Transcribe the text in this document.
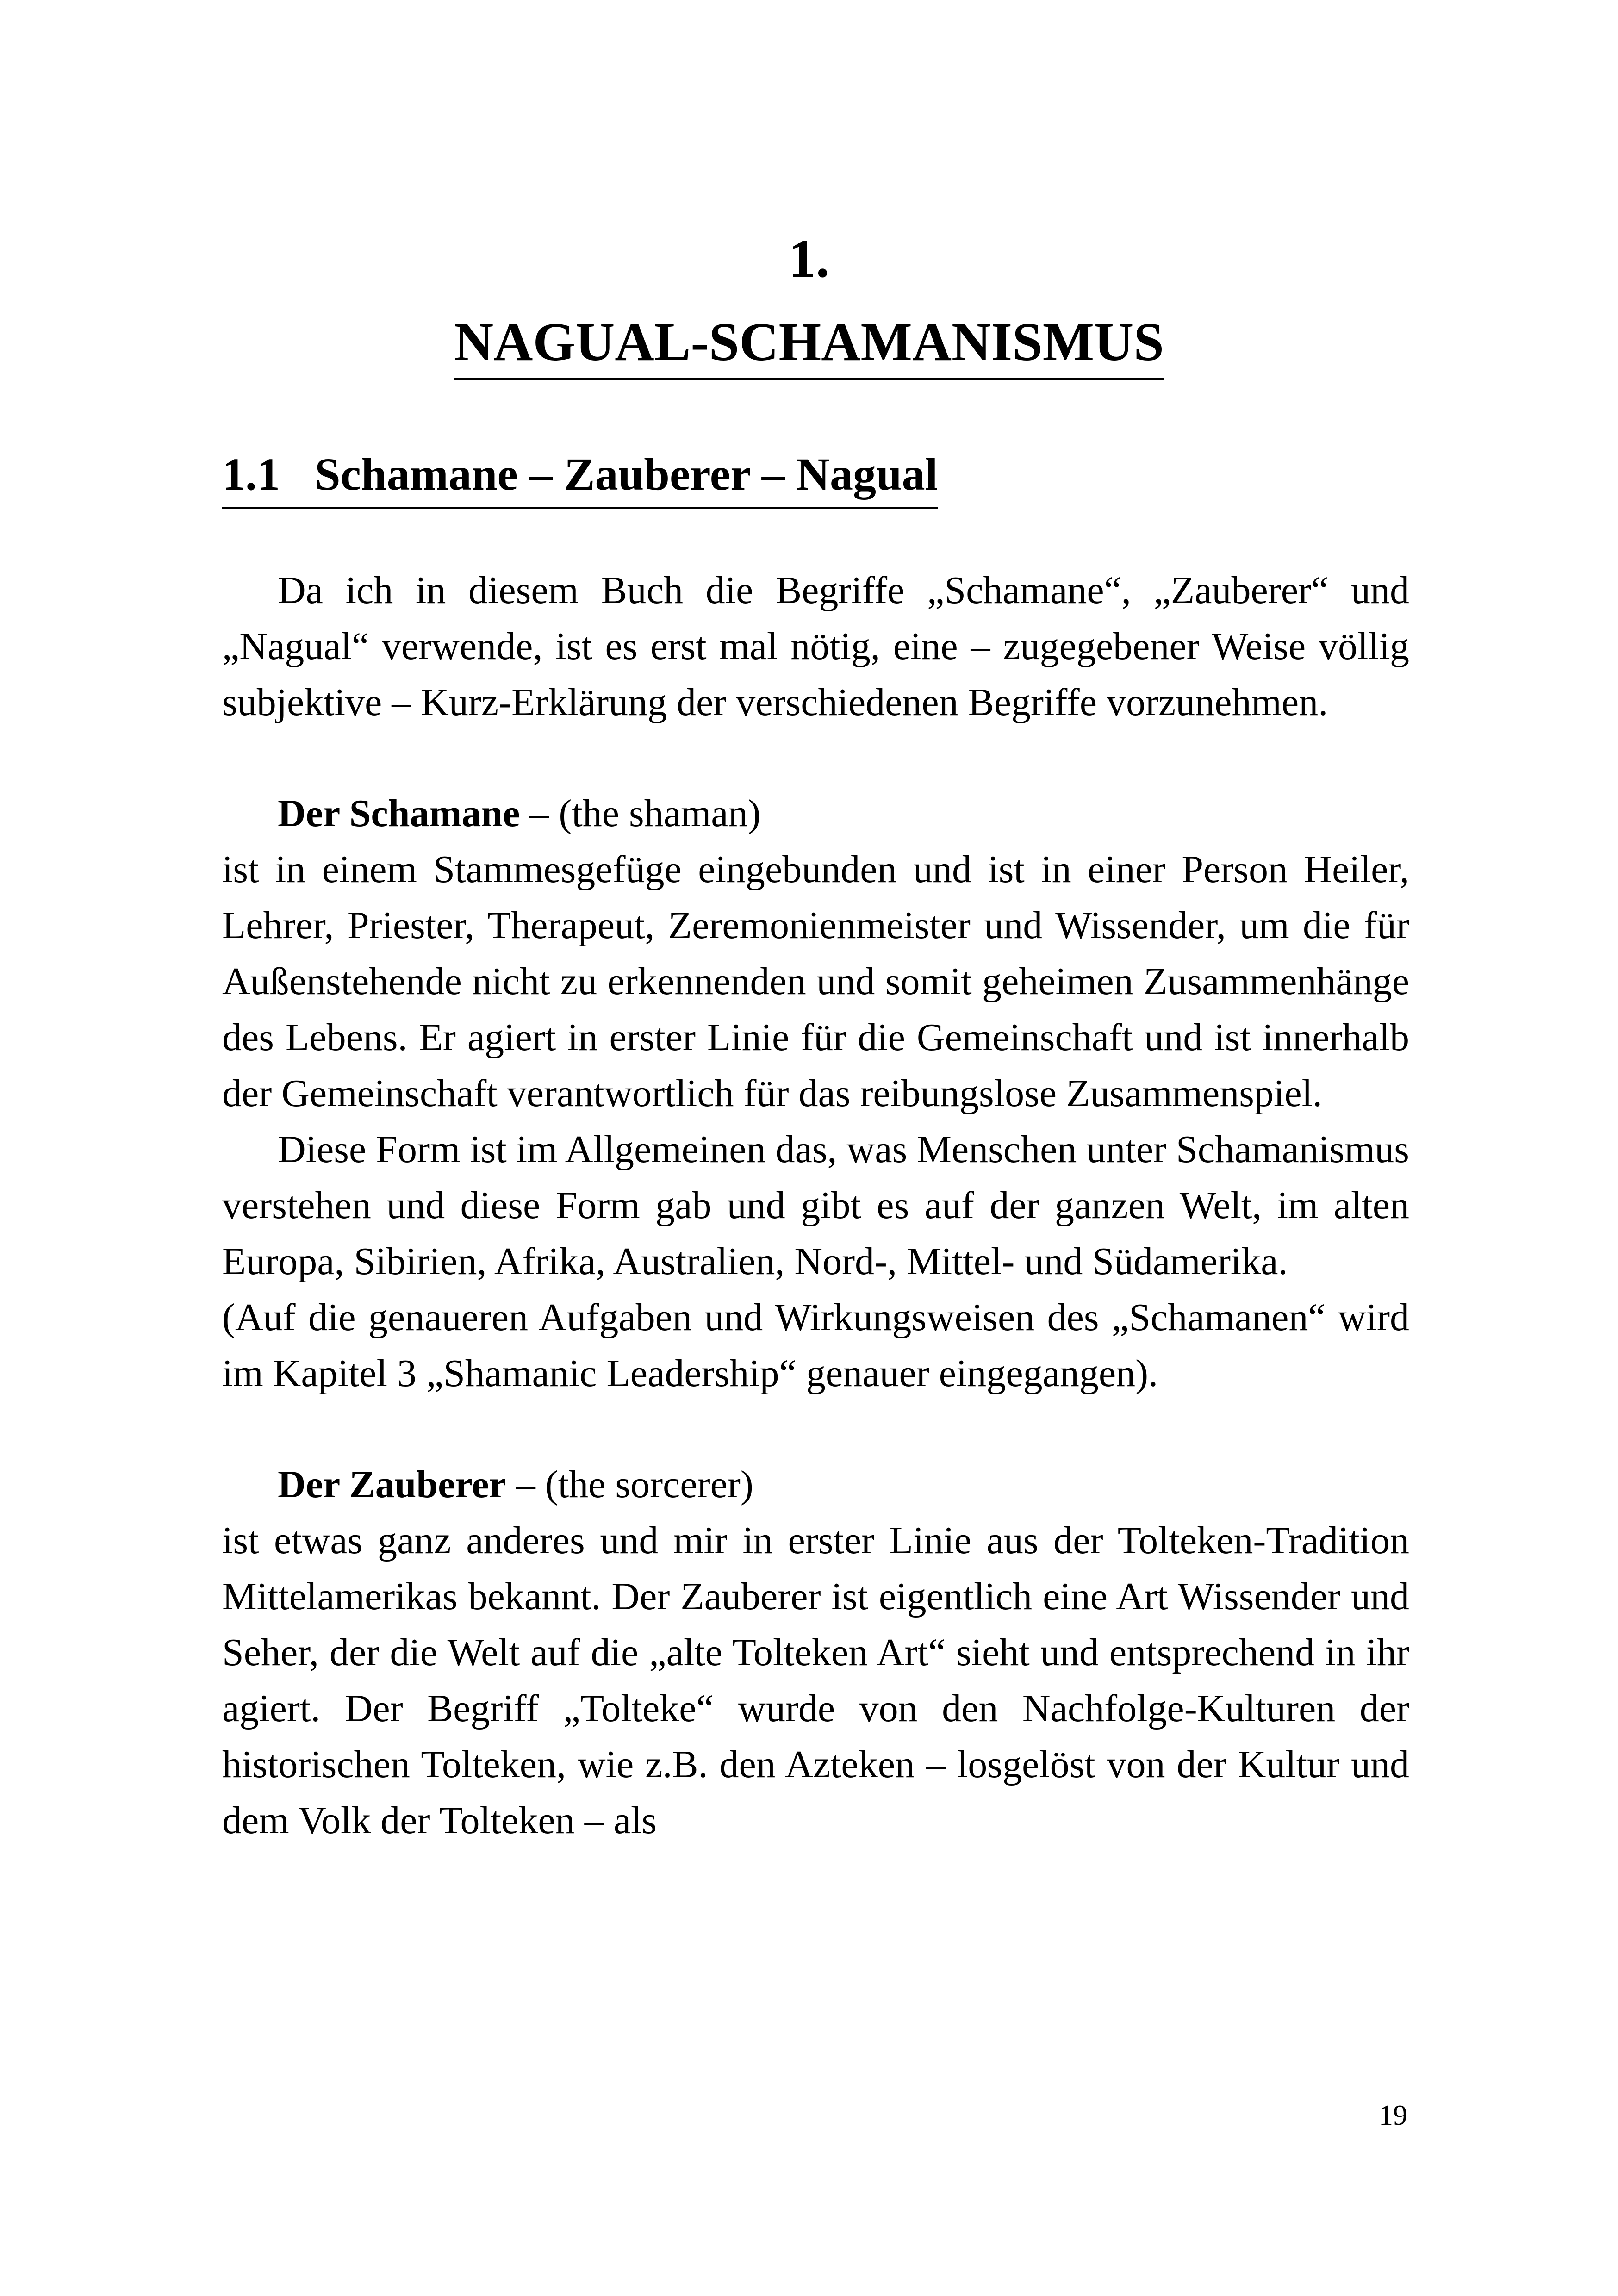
1.
NAGUAL-SCHAMANISMUS
1.1   Schamane – Zauberer – Nagual

Da ich in diesem Buch die Begriffe „Schamane“, „Zauberer“ und „Nagual“ verwende, ist es erst mal nötig, eine – zugegebener Weise völlig subjektive – Kurz-Erklärung der verschiedenen Begriffe vorzunehmen.

Der Schamane – (the shaman)

ist in einem Stammesgefüge eingebunden und ist in einer Person Heiler, Lehrer, Priester, Therapeut, Zeremonienmeister und Wissender, um die für Außenstehende nicht zu erkennenden und somit geheimen Zusammenhänge des Lebens. Er agiert in erster Linie für die Gemeinschaft und ist innerhalb der Gemeinschaft verantwortlich für das reibungslose Zusammenspiel.

Diese Form ist im Allgemeinen das, was Menschen unter Schamanismus verstehen und diese Form gab und gibt es auf der ganzen Welt, im alten Europa, Sibirien, Afrika, Australien, Nord-, Mittel- und Südamerika.

(Auf die genaueren Aufgaben und Wirkungsweisen des „Schamanen“ wird im Kapitel 3 „Shamanic Leadership“ genauer eingegangen).

Der Zauberer – (the sorcerer)

ist etwas ganz anderes und mir in erster Linie aus der Tolteken-Tradition Mittelamerikas bekannt. Der Zauberer ist eigentlich eine Art Wissender und Seher, der die Welt auf die „alte Tolteken Art“ sieht und entsprechend in ihr agiert. Der Begriff „Tolteke“ wurde von den Nachfolge-Kulturen der historischen Tolteken, wie z.B. den Azteken – losgelöst von der Kultur und dem Volk der Tolteken – als

19
